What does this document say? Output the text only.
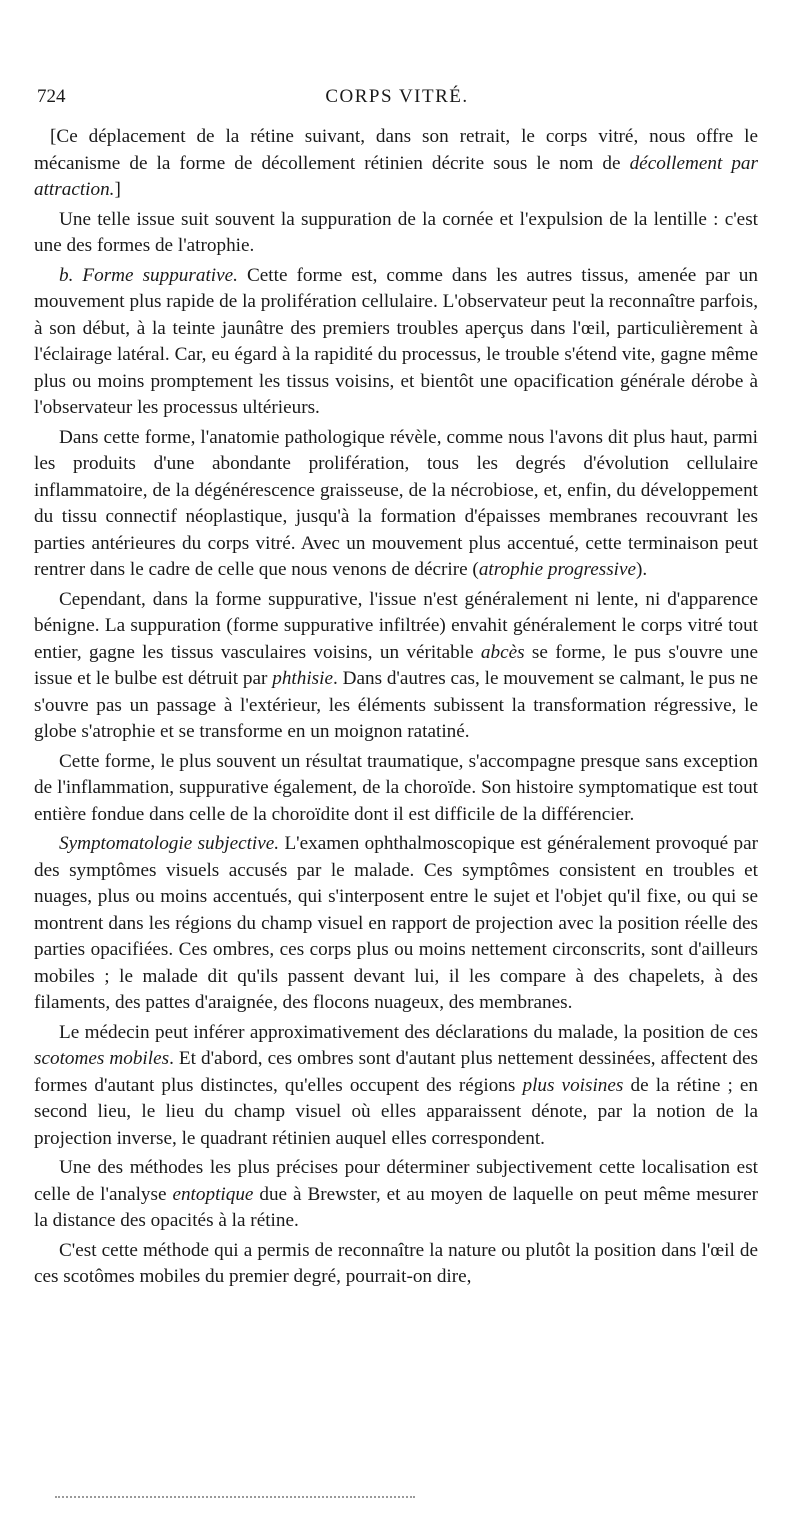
724	CORPS VITRÉ.

[Ce déplacement de la rétine suivant, dans son retrait, le corps vitré, nous offre le mécanisme de la forme de décollement rétinien décrite sous le nom de décollement par attraction.]

Une telle issue suit souvent la suppuration de la cornée et l'expulsion de la lentille : c'est une des formes de l'atrophie.

b. Forme suppurative. Cette forme est, comme dans les autres tissus, amenée par un mouvement plus rapide de la prolifération cellulaire. L'observateur peut la reconnaître parfois, à son début, à la teinte jaunâtre des premiers troubles aperçus dans l'œil, particulièrement à l'éclairage latéral. Car, eu égard à la rapidité du processus, le trouble s'étend vite, gagne même plus ou moins promptement les tissus voisins, et bientôt une opacification générale dérobe à l'observateur les processus ultérieurs.

Dans cette forme, l'anatomie pathologique révèle, comme nous l'avons dit plus haut, parmi les produits d'une abondante prolifération, tous les degrés d'évolution cellulaire inflammatoire, de la dégénérescence graisseuse, de la nécrobiose, et, enfin, du développement du tissu connectif néoplastique, jusqu'à la formation d'épaisses membranes recouvrant les parties antérieures du corps vitré. Avec un mouvement plus accentué, cette terminaison peut rentrer dans le cadre de celle que nous venons de décrire (atrophie progressive).

Cependant, dans la forme suppurative, l'issue n'est généralement ni lente, ni d'apparence bénigne. La suppuration (forme suppurative infiltrée) envahit généralement le corps vitré tout entier, gagne les tissus vasculaires voisins, un véritable abcès se forme, le pus s'ouvre une issue et le bulbe est détruit par phthisie. Dans d'autres cas, le mouvement se calmant, le pus ne s'ouvre pas un passage à l'extérieur, les éléments subissent la transformation régressive, le globe s'atrophie et se transforme en un moignon ratatiné.

Cette forme, le plus souvent un résultat traumatique, s'accompagne presque sans exception de l'inflammation, suppurative également, de la choroïde. Son histoire symptomatique est tout entière fondue dans celle de la choroïdite dont il est difficile de la différencier.

Symptomatologie subjective. L'examen ophthalmoscopique est généralement provoqué par des symptômes visuels accusés par le malade. Ces symptômes consistent en troubles et nuages, plus ou moins accentués, qui s'interposent entre le sujet et l'objet qu'il fixe, ou qui se montrent dans les régions du champ visuel en rapport de projection avec la position réelle des parties opacifiées. Ces ombres, ces corps plus ou moins nettement circonscrits, sont d'ailleurs mobiles ; le malade dit qu'ils passent devant lui, il les compare à des chapelets, à des filaments, des pattes d'araignée, des flocons nuageux, des membranes.

Le médecin peut inférer approximativement des déclarations du malade, la position de ces scotomes mobiles. Et d'abord, ces ombres sont d'autant plus nettement dessinées, affectent des formes d'autant plus distinctes, qu'elles occupent des régions plus voisines de la rétine ; en second lieu, le lieu du champ visuel où elles apparaissent dénote, par la notion de la projection inverse, le quadrant rétinien auquel elles correspondent.

Une des méthodes les plus précises pour déterminer subjectivement cette localisation est celle de l'analyse entoptique due à Brewster, et au moyen de laquelle on peut même mesurer la distance des opacités à la rétine.

C'est cette méthode qui a permis de reconnaître la nature ou plutôt la position dans l'œil de ces scotômes mobiles du premier degré, pourrait-on dire,
